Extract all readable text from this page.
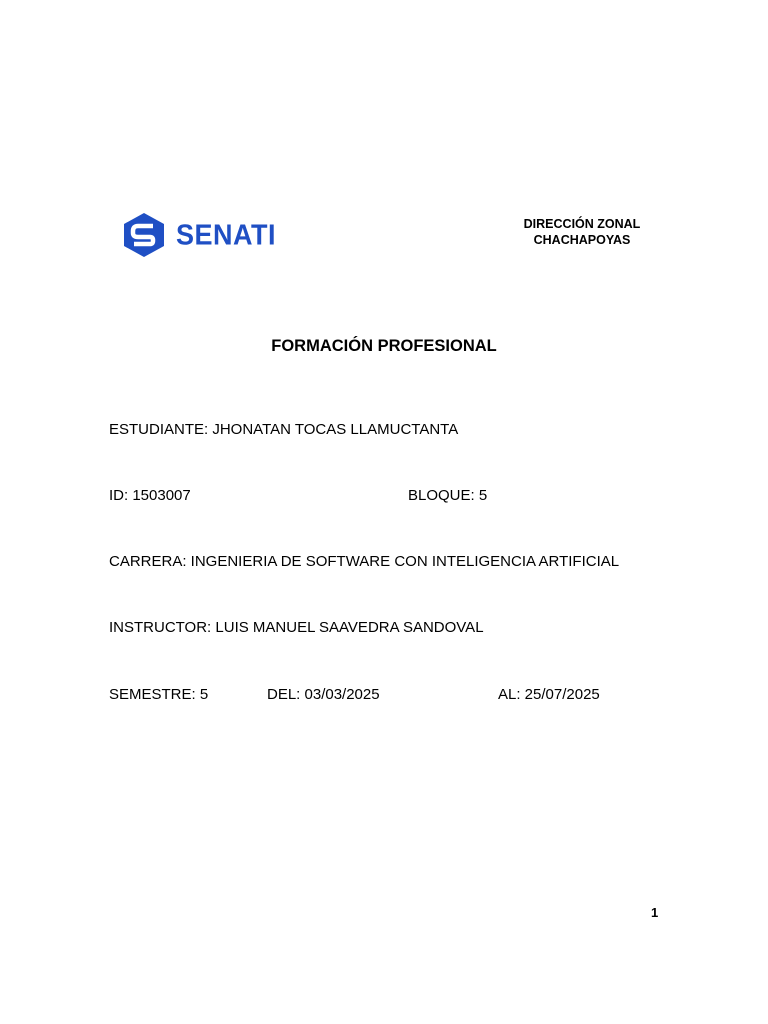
SENATI	DIRECCIÓN ZONAL
CHACHAPOYAS
FORMACIÓN PROFESIONAL
ESTUDIANTE: JHONATAN TOCAS LLAMUCTANTA
ID: 1503007	BLOQUE: 5
CARRERA: INGENIERIA DE SOFTWARE CON INTELIGENCIA ARTIFICIAL
INSTRUCTOR: LUIS MANUEL SAAVEDRA SANDOVAL
SEMESTRE: 5	DEL: 03/03/2025	AL: 25/07/2025
1
